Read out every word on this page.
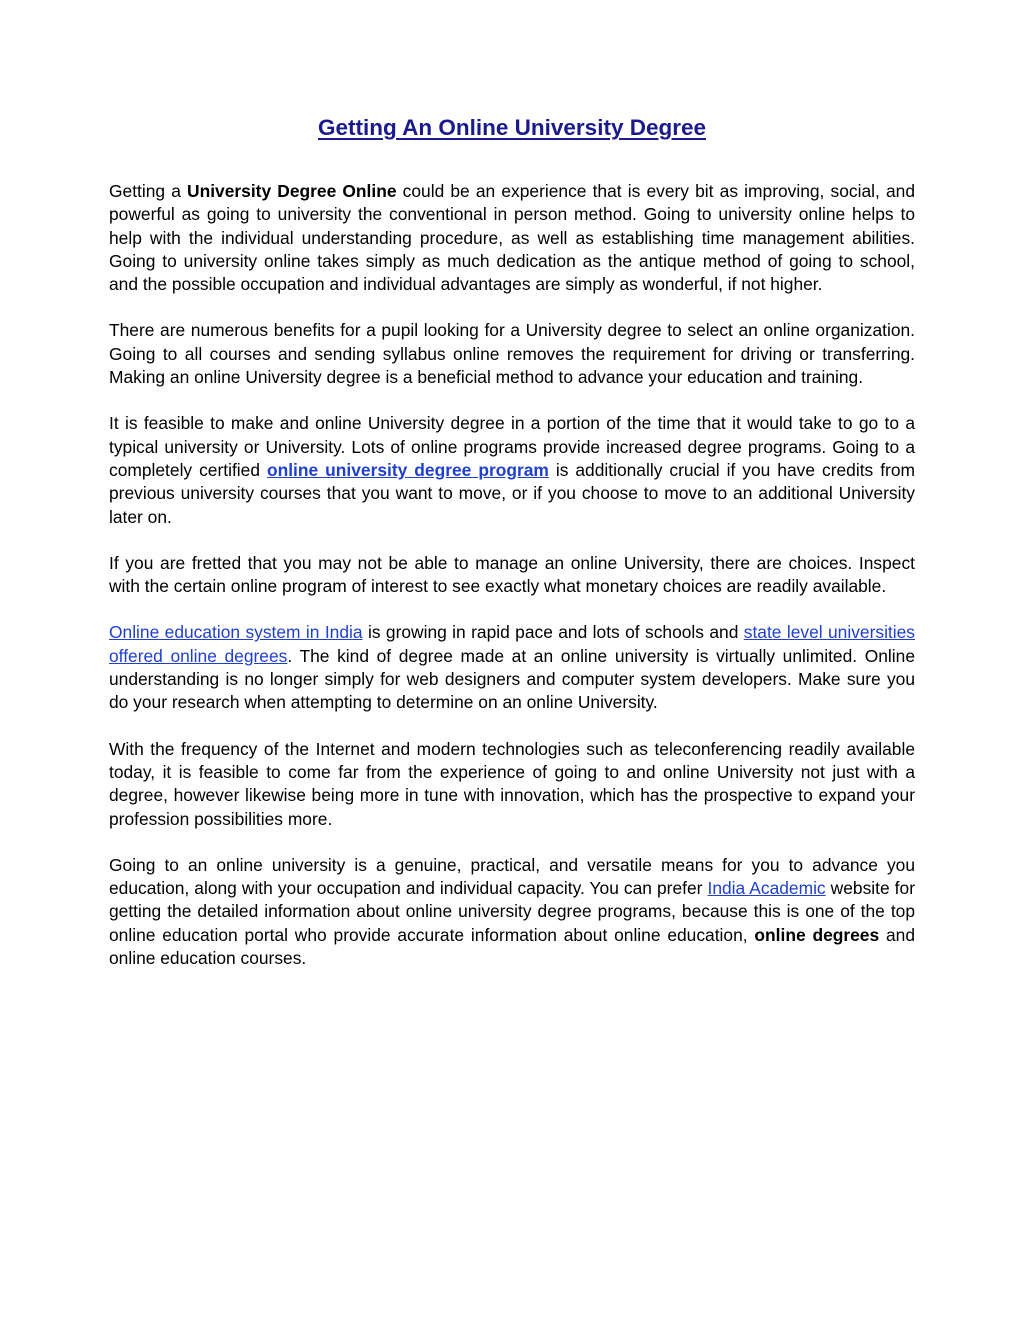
Getting An Online University Degree

Getting a University Degree Online could be an experience that is every bit as improving, social, and powerful as going to university the conventional in person method. Going to university online helps to help with the individual understanding procedure, as well as establishing time management abilities. Going to university online takes simply as much dedication as the antique method of going to school, and the possible occupation and individual advantages are simply as wonderful, if not higher.

There are numerous benefits for a pupil looking for a University degree to select an online organization. Going to all courses and sending syllabus online removes the requirement for driving or transferring. Making an online University degree is a beneficial method to advance your education and training.

It is feasible to make and online University degree in a portion of the time that it would take to go to a typical university or University. Lots of online programs provide increased degree programs. Going to a completely certified online university degree program is additionally crucial if you have credits from previous university courses that you want to move, or if you choose to move to an additional University later on.

If you are fretted that you may not be able to manage an online University, there are choices. Inspect with the certain online program of interest to see exactly what monetary choices are readily available.

Online education system in India is growing in rapid pace and lots of schools and state level universities offered online degrees. The kind of degree made at an online university is virtually unlimited. Online understanding is no longer simply for web designers and computer system developers. Make sure you do your research when attempting to determine on an online University.

With the frequency of the Internet and modern technologies such as teleconferencing readily available today, it is feasible to come far from the experience of going to and online University not just with a degree, however likewise being more in tune with innovation, which has the prospective to expand your profession possibilities more.

Going to an online university is a genuine, practical, and versatile means for you to advance you education, along with your occupation and individual capacity. You can prefer India Academic website for getting the detailed information about online university degree programs, because this is one of the top online education portal who provide accurate information about online education, online degrees and online education courses.
